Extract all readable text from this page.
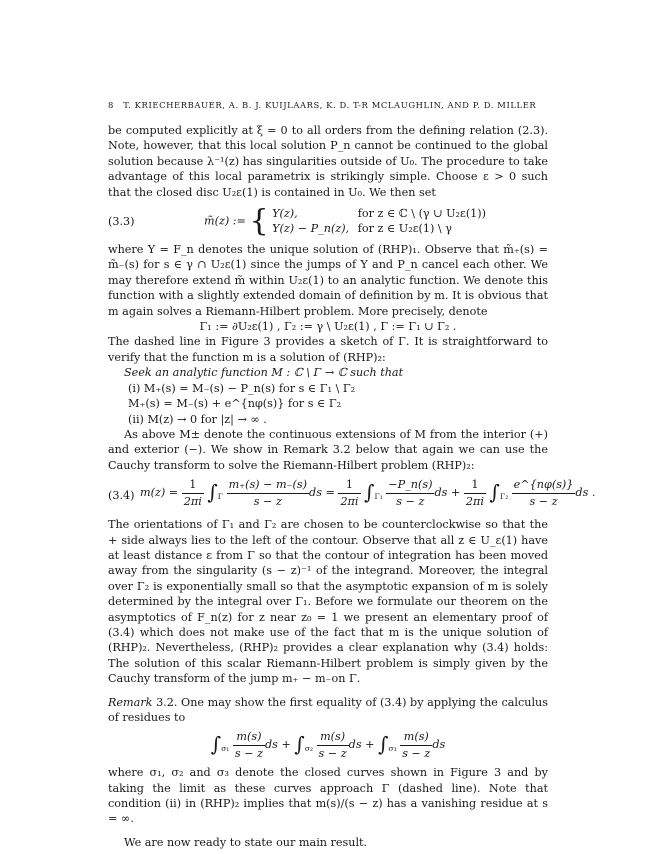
8 T. KRIECHERBAUER, A. B. J. KUIJLAARS, K. D. T-R MCLAUGHLIN, AND P. D. MILLER

be computed explicitly at ξ = 0 to all orders from the defining relation (2.3). Note, however, that this local solution P_n cannot be continued to the global solution because λ⁻¹(z) has singularities outside of U₀. The procedure to take advantage of this local parametrix is strikingly simple. Choose ε > 0 such that the closed disc U₂ε(1) is contained in U₀. We then set

(3.3)	m̃(z) := { Y(z),	for z ∈ ℂ \ (γ ∪ U₂ε(1))
Y(z) − P_n(z), for z ∈ U₂ε(1) \ γ

where Y = F_n denotes the unique solution of (RHP)₁. Observe that m̃₊(s) = m̃₋(s) for s ∈ γ ∩ U₂ε(1) since the jumps of Y and P_n cancel each other. We may therefore extend m̃ within U₂ε(1) to an analytic function. We denote this function with a slightly extended domain of definition by m. It is obvious that m again solves a Riemann-Hilbert problem. More precisely, denote

Γ₁ := ∂U₂ε(1) , Γ₂ := γ \ U₂ε(1) , Γ := Γ₁ ∪ Γ₂ .

The dashed line in Figure 3 provides a sketch of Γ. It is straightforward to verify that the function m is a solution of (RHP)₂:

Seek an analytic function M : ℂ \ Γ → ℂ such that

(i) M₊(s) = M₋(s) − P_n(s) for s ∈ Γ₁ \ Γ₂
M₊(s) = M₋(s) + e^{nφ(s)} for s ∈ Γ₂
(ii) M(z) → 0 for |z| → ∞ .

As above M± denote the continuous extensions of M from the interior (+) and exterior (−). We show in Remark 3.2 below that again we can use the Cauchy transform to solve the Riemann-Hilbert problem (RHP)₂:

(3.4) $m(z) = \frac{1}{2\pi i} \int_\Gamma \frac{m_+(s) - m_-(s)}{s - z}$ ds = $\frac{1}{2\pi i} \int_{\Gamma_1} \frac{-P\_n(s)}{s - z}$ ds + $\frac{1}{2\pi i} \int_{\Gamma_2} \frac{e\^{}\{n\varphi(s)\}}{s - z}$ ds .

The orientations of Γ₁ and Γ₂ are chosen to be counterclockwise so that the + side always lies to the left of the contour. Observe that all z ∈ U_ε(1) have at least distance ε from Γ so that the contour of integration has been moved away from the singularity (s − z)⁻¹ of the integrand. Moreover, the integral over Γ₂ is exponentially small so that the asymptotic expansion of m is solely determined by the integral over Γ₁. Before we formulate our theorem on the asymptotics of F_n(z) for z near z₀ = 1 we present an elementary proof of (3.4) which does not make use of the fact that m is the unique solution of (RHP)₂. Nevertheless, (RHP)₂ provides a clear explanation why (3.4) holds: The solution of this scalar Riemann-Hilbert problem is simply given by the Cauchy transform of the jump m₊ − m₋on Γ.

Remark 3.2. One may show the first equality of (3.4) by applying the calculus of residues to

$\int_{\sigma_1} \frac{m(s)}{s - z}$ ds + $\int_{\sigma_2} \frac{m(s)}{s - z}$ ds + $\int_{\sigma_3} \frac{m(s)}{s - z}$ ds

where σ₁, σ₂ and σ₃ denote the closed curves shown in Figure 3 and by taking the limit as these curves approach Γ (dashed line). Note that condition (ii) in (RHP)₂ implies that m(s)/(s − z) has a vanishing residue at s = ∞.

We are now ready to state our main result.
